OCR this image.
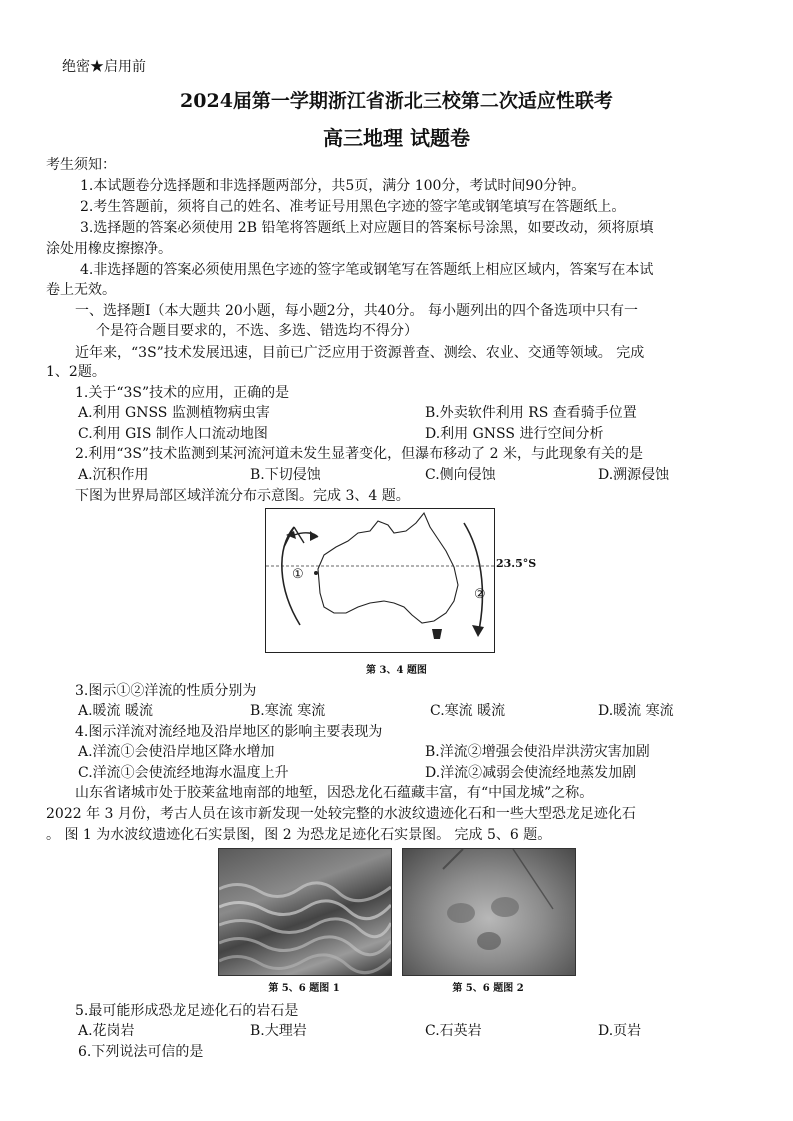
绝密★启用前
2024届第一学期浙江省浙北三校第二次适应性联考
高三地理 试题卷
考生须知：
1.本试题卷分选择题和非选择题两部分，共5页，满分 100分，考试时间90分钟。
2.考生答题前，须将自己的姓名、准考证号用黑色字迹的签字笔或钢笔填写在答题纸上。
3.选择题的答案必须使用 2B 铅笔将答题纸上对应题目的答案标号涂黑，如要改动，须将原填
涂处用橡皮擦擦净。
4.非选择题的答案必须使用黑色字迹的签字笔或钢笔写在答题纸上相应区域内，答案写在本试
卷上无效。
一、选择题Ⅰ（本大题共 20小题，每小题2分，共40分。 每小题列出的四个备选项中只有一
个是符合题目要求的，不选、多选、错选均不得分）
近年来，“3S”技术发展迅速，目前已广泛应用于资源普查、测绘、农业、交通等领域。 完成
1、2题。
1.关于“3S”技术的应用，正确的是
A.利用 GNSS 监测植物病虫害	B.外卖软件利用 RS 查看骑手位置
C.利用 GIS 制作人口流动地图	D.利用 GNSS 进行空间分析
2.利用“3S”技术监测到某河流河道未发生显著变化，但瀑布移动了 2 米，与此现象有关的是
A.沉积作用	B.下切侵蚀	C.侧向侵蚀	D.溯源侵蚀
下图为世界局部区域洋流分布示意图。完成 3、4 题。
①
②
23.5°S
第 3、4 题图
3.图示①②洋流的性质分别为
A.暖流 暖流	B.寒流 寒流	C.寒流 暖流	D.暖流 寒流
4.图示洋流对流经地及沿岸地区的影响主要表现为
A.洋流①会使沿岸地区降水增加	B.洋流②增强会使沿岸洪涝灾害加剧
C.洋流①会使流经地海水温度上升	D.洋流②减弱会使流经地蒸发加剧
山东省诸城市处于胶莱盆地南部的地堑，因恐龙化石蕴藏丰富，有“中国龙城”之称。
2022 年 3 月份，考古人员在该市新发现一处较完整的水波纹遗迹化石和一些大型恐龙足迹化石
。 图 1 为水波纹遗迹化石实景图，图 2 为恐龙足迹化石实景图。 完成 5、6 题。
第 5、6 题图 1	第 5、6 题图 2
5.最可能形成恐龙足迹化石的岩石是
A.花岗岩	B.大理岩	C.石英岩	D.页岩
6.下列说法可信的是
